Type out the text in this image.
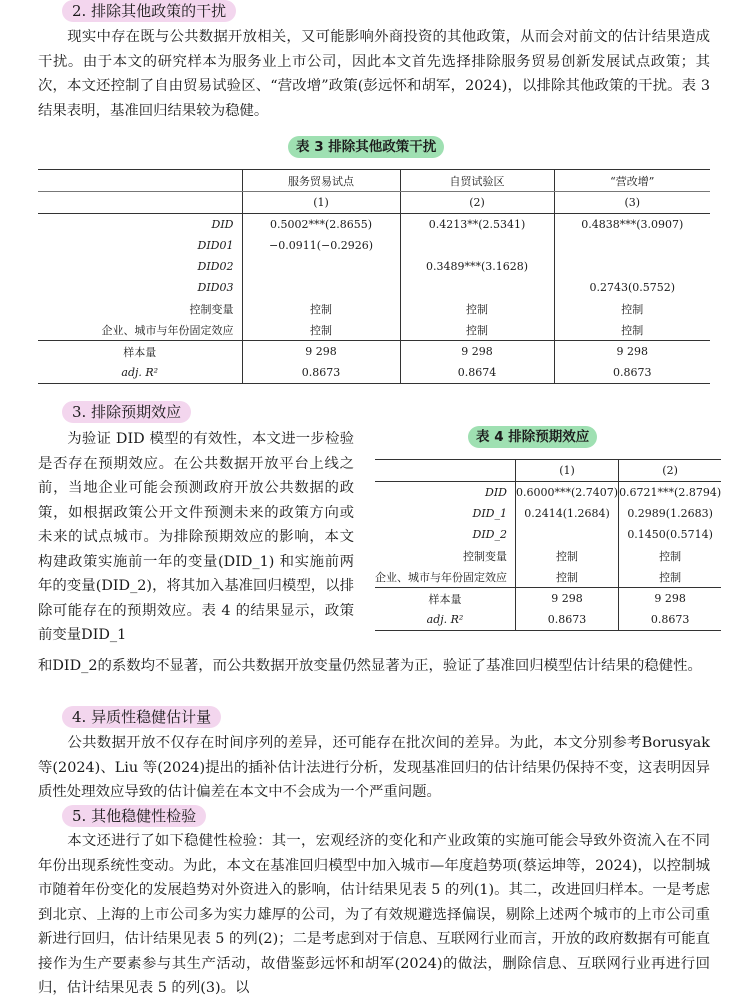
2. 排除其他政策的干扰

现实中存在既与公共数据开放相关，又可能影响外商投资的其他政策，从而会对前文的估计结果造成干扰。由于本文的研究样本为服务业上市公司，因此本文首先选择排除服务贸易创新发展试点政策；其次，本文还控制了自由贸易试验区、“营改增”政策(彭远怀和胡军，2024)，以排除其他政策的干扰。表 3 结果表明，基准回归结果较为稳健。

表 3 排除其他政策干扰
	服务贸易试点	自贸试验区	“营改增”
	(1)	(2)	(3)
DID	0.5002***(2.8655)	0.4213**(2.5341)	0.4838***(3.0907)
DID01	−0.0911(−0.2926)		
DID02		0.3489***(3.1628)	
DID03			0.2743(0.5752)
控制变量	控制	控制	控制
企业、城市与年份固定效应	控制	控制	控制
样本量	9 298	9 298	9 298
adj. R²	0.8673	0.8674	0.8673
3. 排除预期效应

为验证 DID 模型的有效性，本文进一步检验是否存在预期效应。在公共数据开放平台上线之前，当地企业可能会预测政府开放公共数据的政策，如根据政策公开文件预测未来的政策方向或未来的试点城市。为排除预期效应的影响，本文构建政策实施前一年的变量(DID_1) 和实施前两年的变量(DID_2)，将其加入基准回归模型，以排除可能存在的预期效应。表 4 的结果显示，政策前变量DID_1

和DID_2的系数均不显著，而公共数据开放变量仍然显著为正，验证了基准回归模型估计结果的稳健性。

表 4 排除预期效应
	(1)	(2)
DID	0.6000***(2.7407)	0.6721***(2.8794)
DID_1	0.2414(1.2684)	0.2989(1.2683)
DID_2		0.1450(0.5714)
控制变量	控制	控制
企业、城市与年份固定效应	控制	控制
样本量	9 298	9 298
adj. R²	0.8673	0.8673
4. 异质性稳健估计量

公共数据开放不仅存在时间序列的差异，还可能存在批次间的差异。为此，本文分别参考Borusyak 等(2024)、Liu 等(2024)提出的插补估计法进行分析，发现基准回归的估计结果仍保持不变，这表明因异质性处理效应导致的估计偏差在本文中不会成为一个严重问题。

5. 其他稳健性检验

本文还进行了如下稳健性检验：其一，宏观经济的变化和产业政策的实施可能会导致外资流入在不同年份出现系统性变动。为此，本文在基准回归模型中加入城市—年度趋势项(蔡运坤等，2024)，以控制城市随着年份变化的发展趋势对外资进入的影响，估计结果见表 5 的列(1)。其二，改进回归样本。一是考虑到北京、上海的上市公司多为实力雄厚的公司，为了有效规避选择偏误，剔除上述两个城市的上市公司重新进行回归，估计结果见表 5 的列(2)；二是考虑到对于信息、互联网行业而言，开放的政府数据有可能直接作为生产要素参与其生产活动，故借鉴彭远怀和胡军(2024)的做法，删除信息、互联网行业再进行回归，估计结果见表 5 的列(3)。以
